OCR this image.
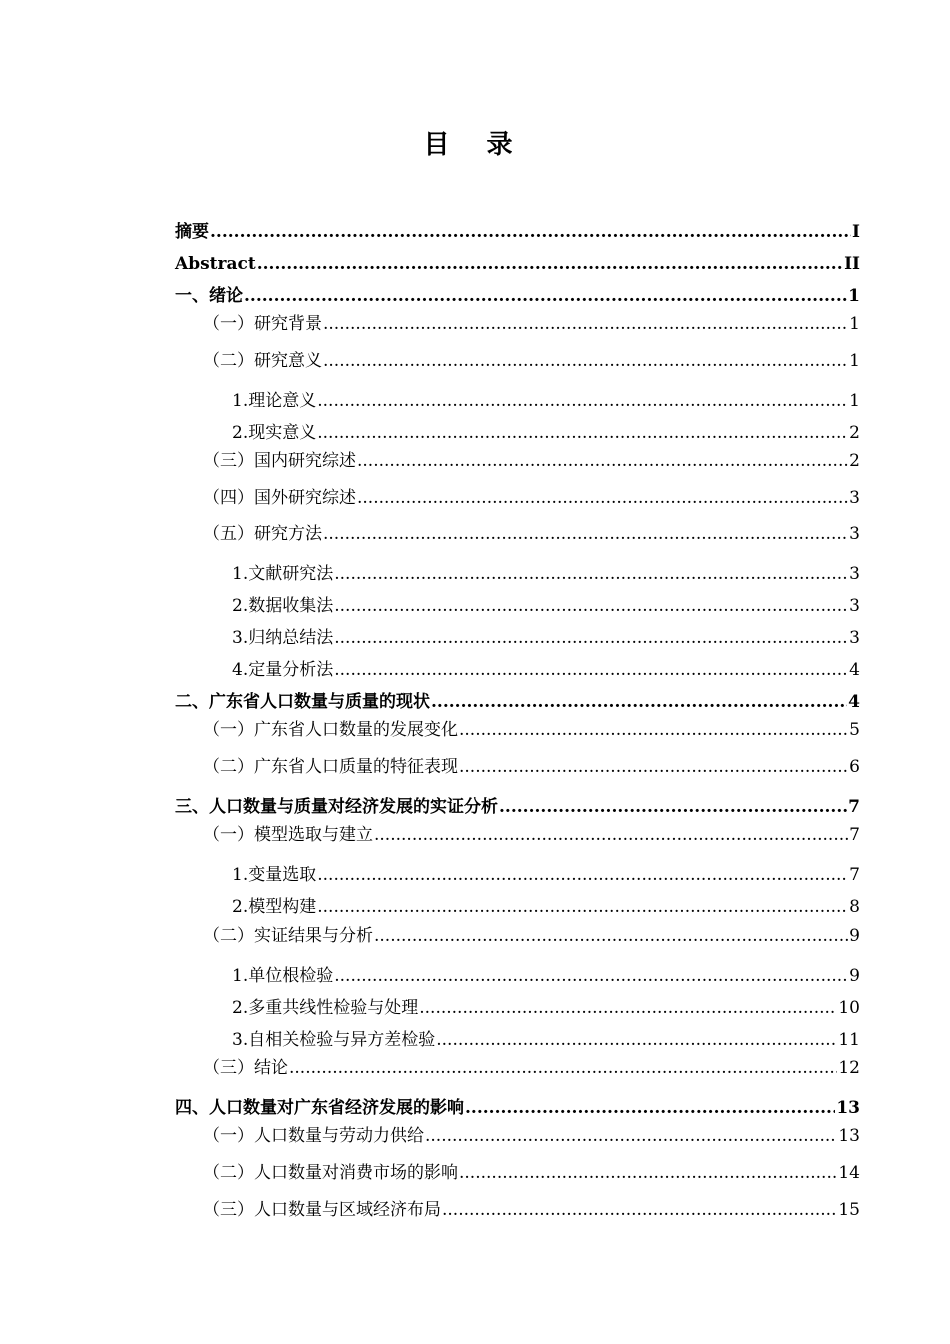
目 录
摘要 .....	I
Abstract .....	II
一、绪论 .....	1
（一）研究背景 .....	1
（二）研究意义 .....	1
1.理论意义 .....	1
2.现实意义 .....	2
（三）国内研究综述 .....	2
（四）国外研究综述 .....	3
（五）研究方法 .....	3
1.文献研究法 .....	3
2.数据收集法 .....	3
3.归纳总结法 .....	3
4.定量分析法 .....	4
二、广东省人口数量与质量的现状 .....	4
（一）广东省人口数量的发展变化 .....	5
（二）广东省人口质量的特征表现 .....	6
三、人口数量与质量对经济发展的实证分析 .....	7
（一）模型选取与建立 .....	7
1.变量选取 .....	7
2.模型构建 .....	8
（二）实证结果与分析 .....	9
1.单位根检验 .....	9
2.多重共线性检验与处理 .....	10
3.自相关检验与异方差检验 .....	11
（三）结论 .....	12
四、人口数量对广东省经济发展的影响 .....	13
（一）人口数量与劳动力供给 .....	13
（二）人口数量对消费市场的影响 .....	14
（三）人口数量与区域经济布局 .....	15
